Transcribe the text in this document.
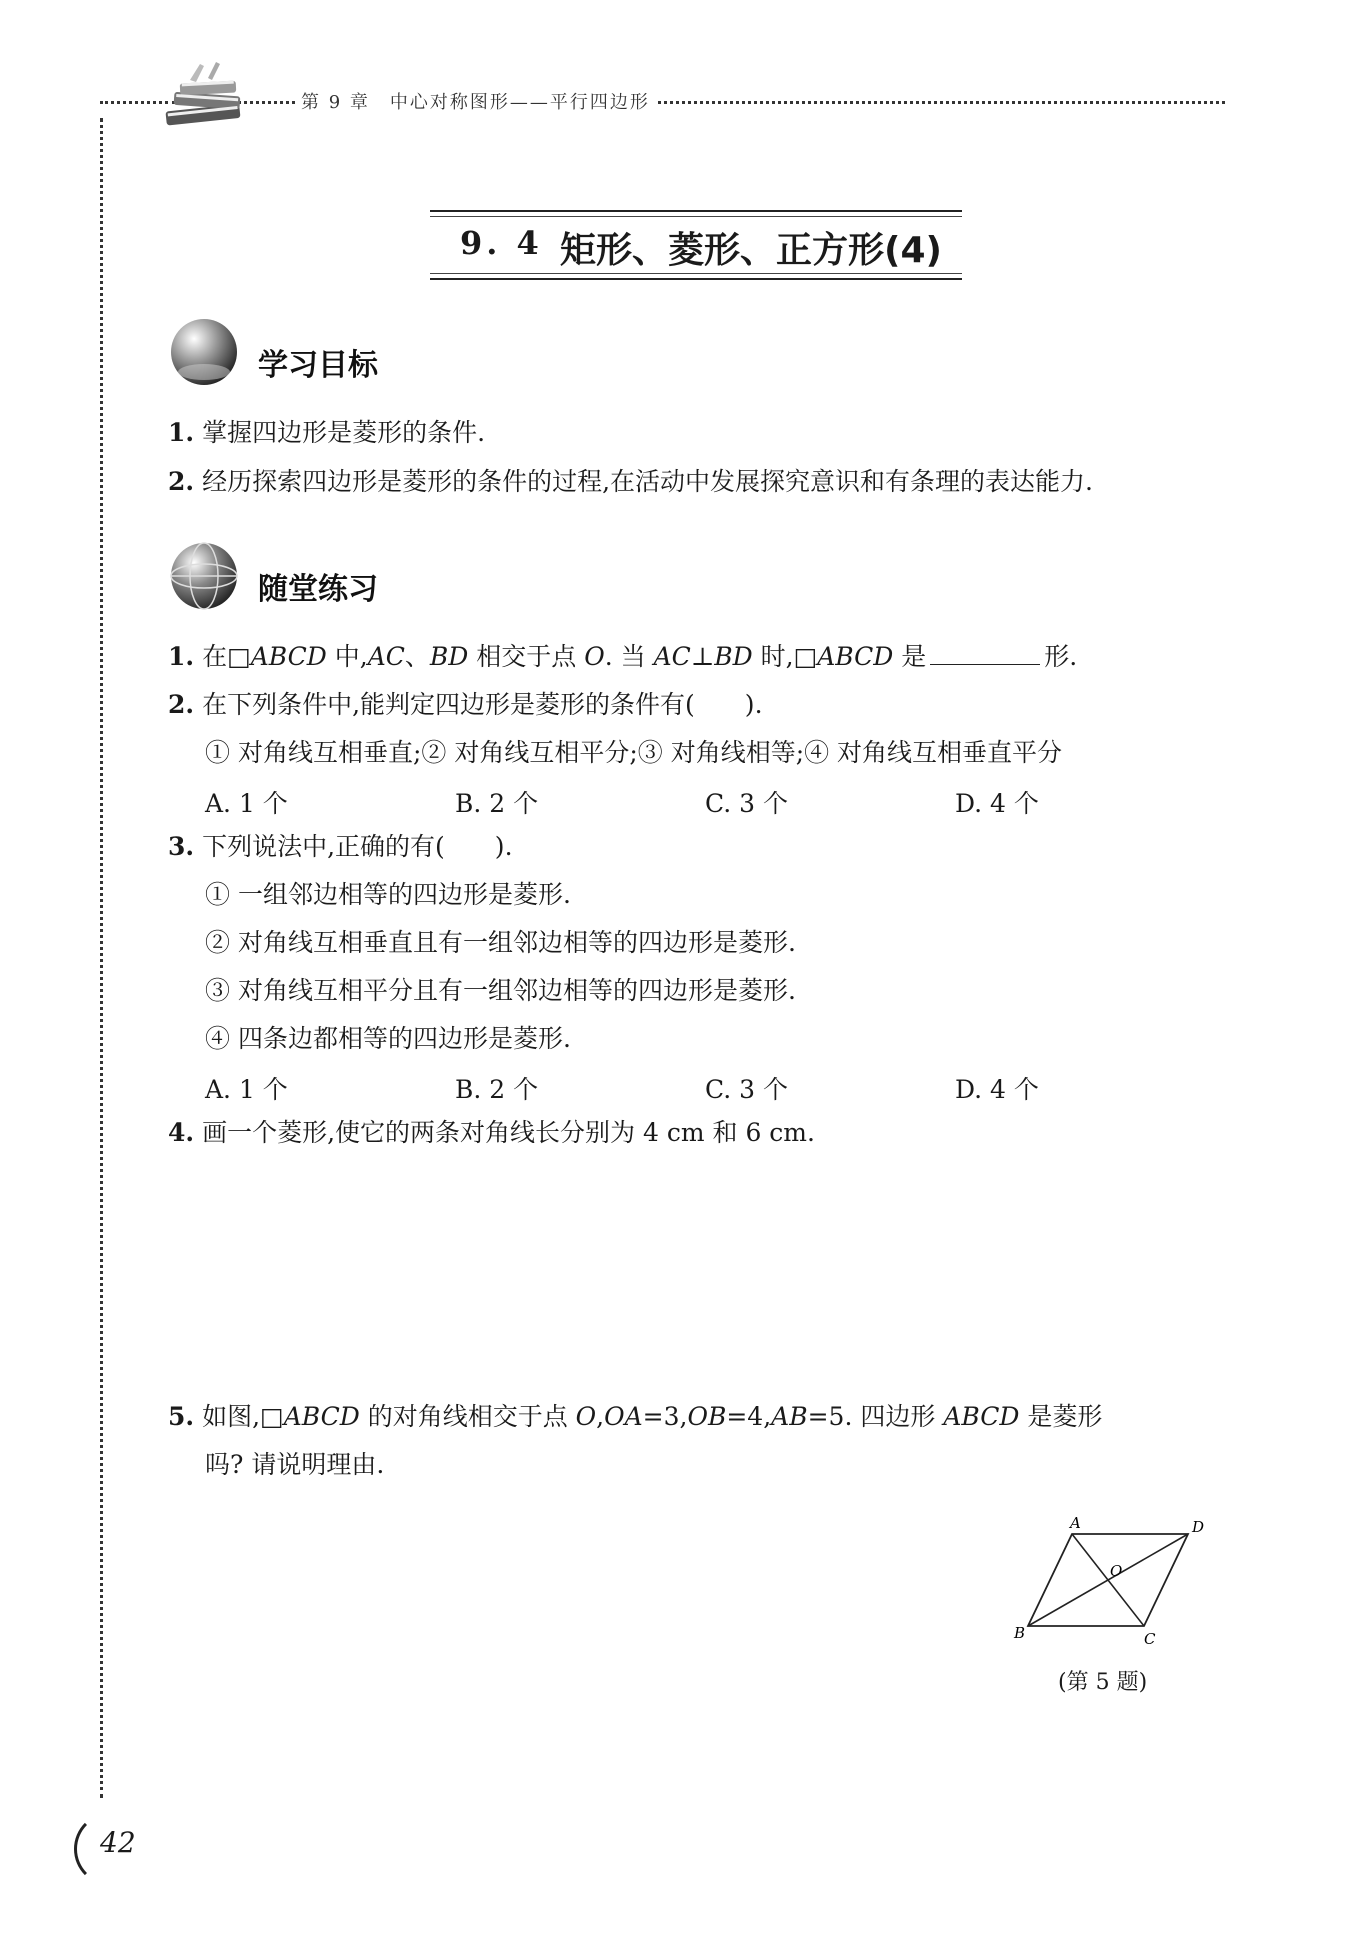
第 9 章　中心对称图形——平行四边形
9. 4 矩形、菱形、正方形(4)
学习目标
1. 掌握四边形是菱形的条件.
2. 经历探索四边形是菱形的条件的过程,在活动中发展探究意识和有条理的表达能力.
随堂练习
1. 在□ABCD 中,AC、BD 相交于点 O. 当 AC⊥BD 时,□ABCD 是	形.
2. 在下列条件中,能判定四边形是菱形的条件有(　　).
① 对角线互相垂直;② 对角线互相平分;③ 对角线相等;④ 对角线互相垂直平分
A. 1 个	B. 2 个	C. 3 个	D. 4 个
3. 下列说法中,正确的有(　　).
① 一组邻边相等的四边形是菱形.
② 对角线互相垂直且有一组邻边相等的四边形是菱形.
③ 对角线互相平分且有一组邻边相等的四边形是菱形.
④ 四条边都相等的四边形是菱形.
A. 1 个	B. 2 个	C. 3 个	D. 4 个
4. 画一个菱形,使它的两条对角线长分别为 4 cm 和 6 cm.
5. 如图,□ABCD 的对角线相交于点 O,OA=3,OB=4,AB=5. 四边形 ABCD 是菱形
吗? 请说明理由.
A	D
B	C
O
(第 5 题)
42
